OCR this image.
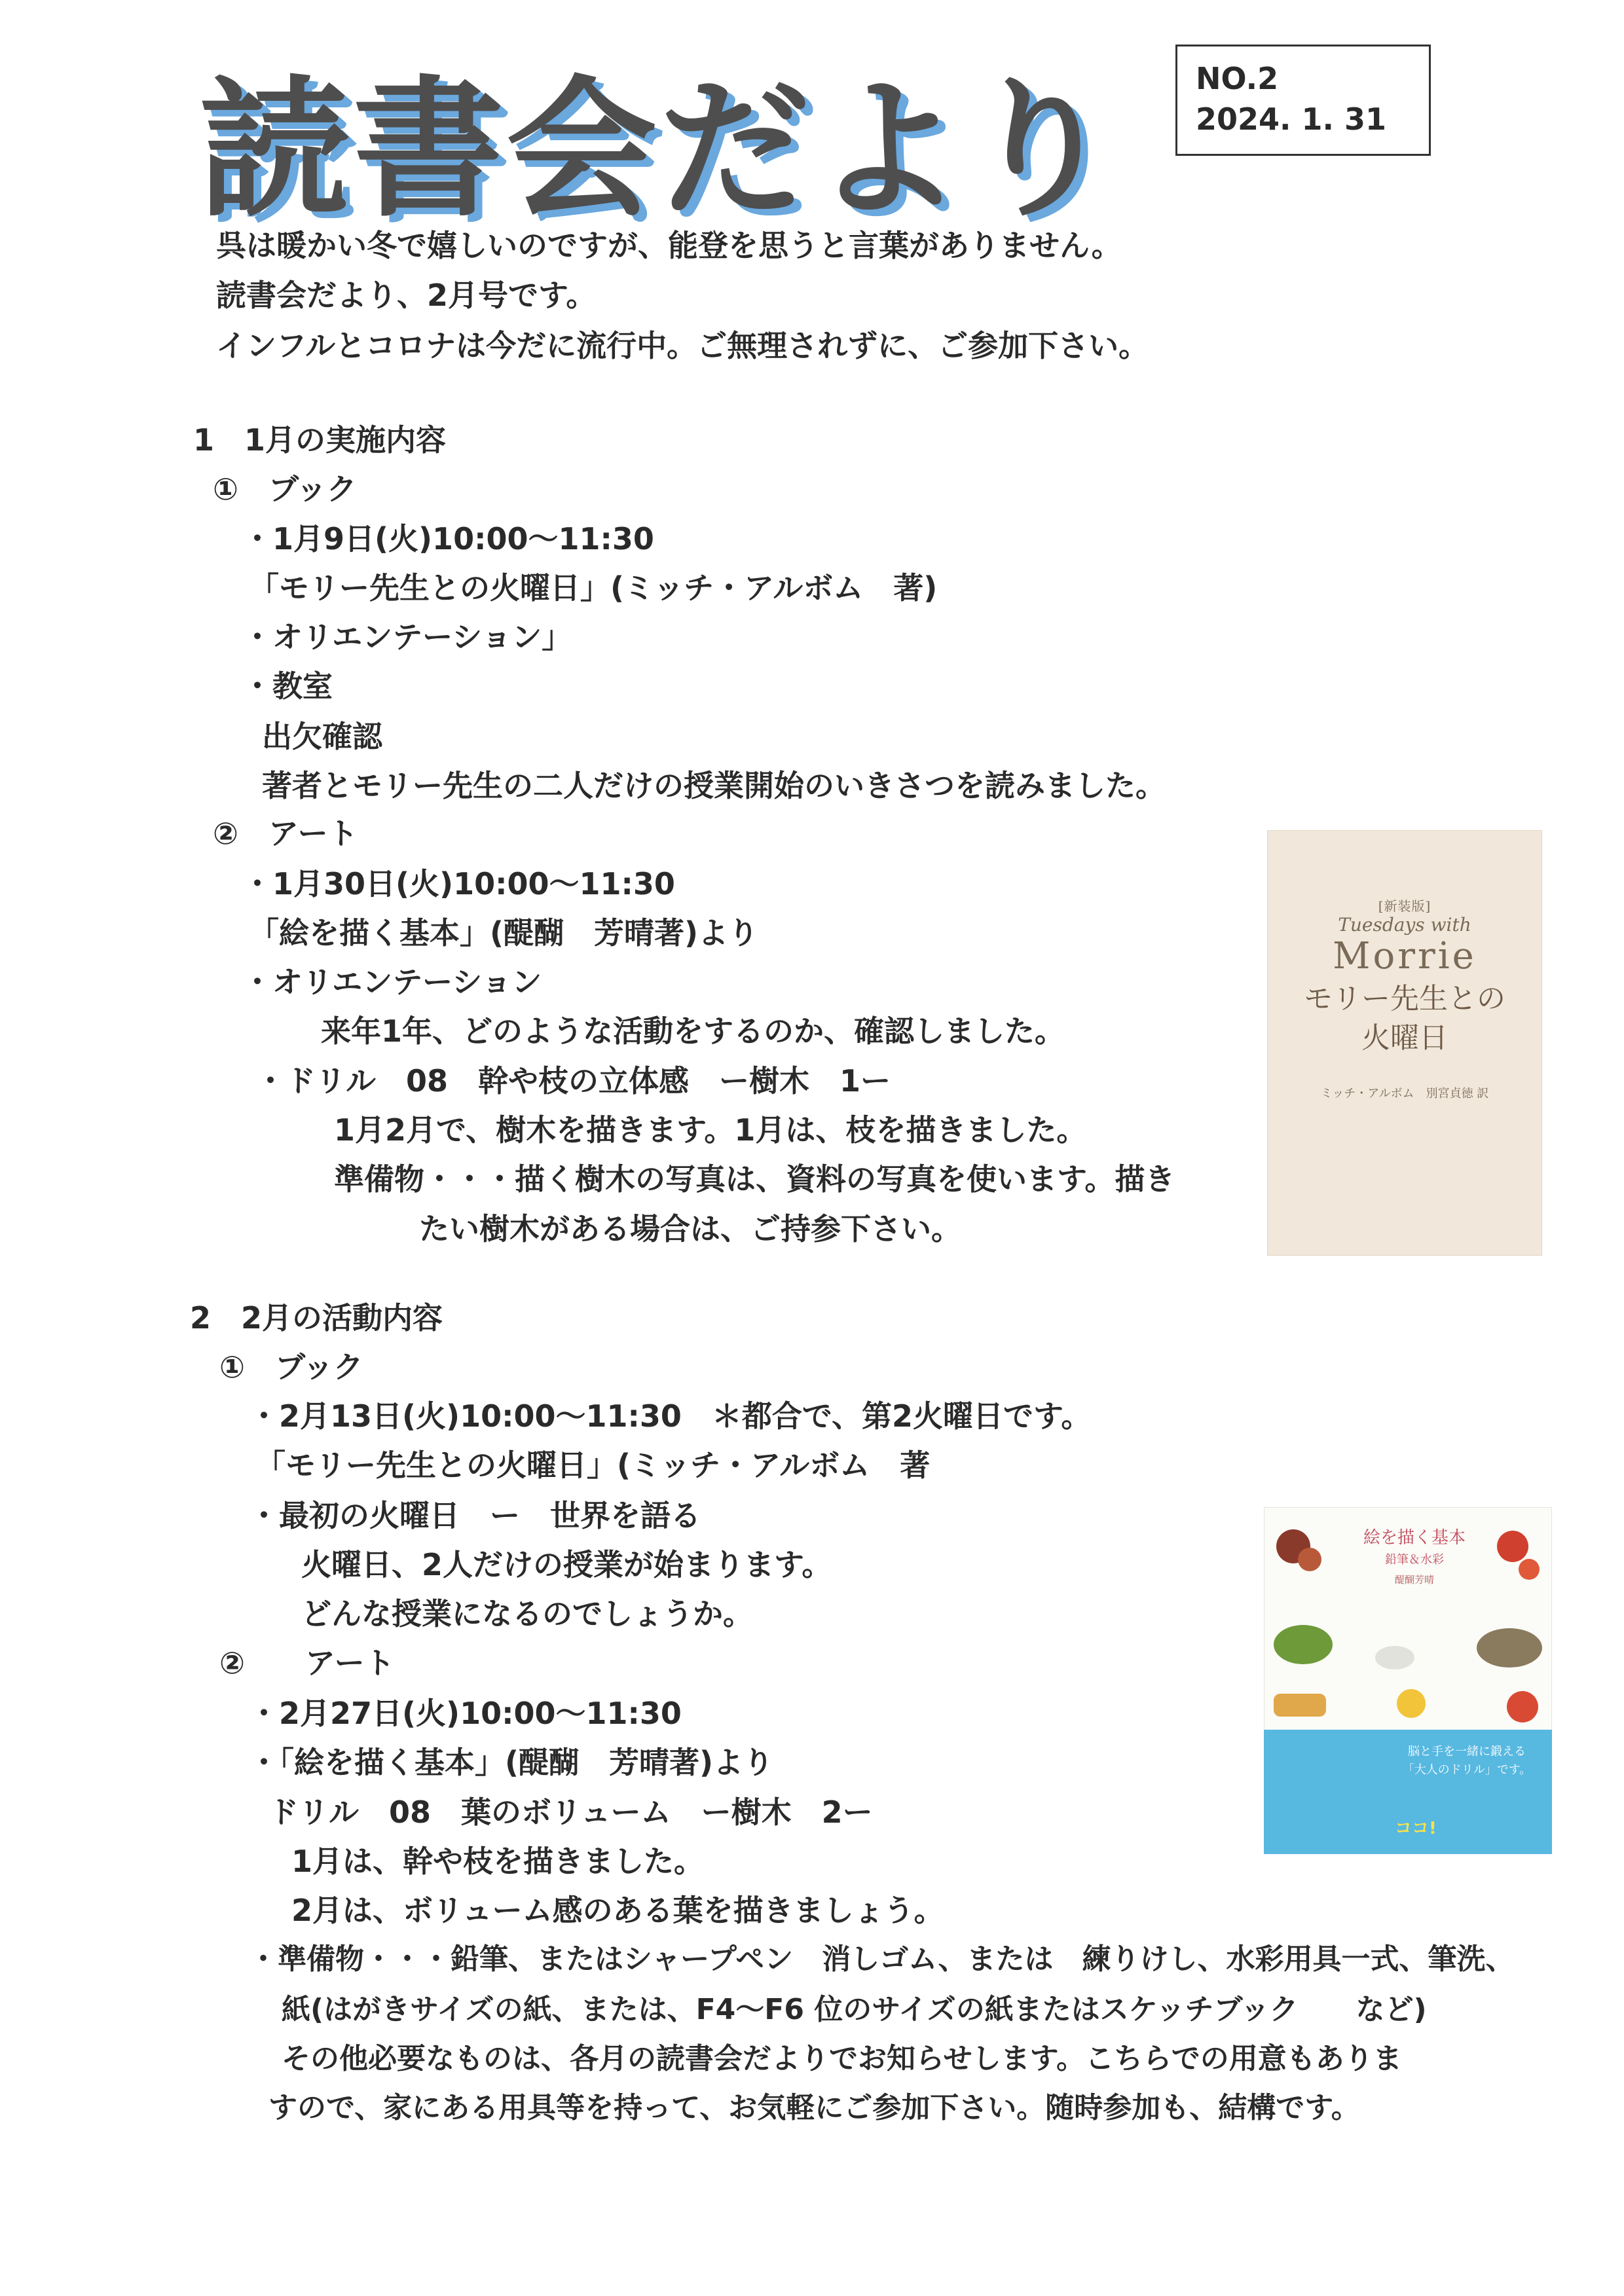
読書会だより	NO.2
2024. 1. 31
呉は暖かい冬で嬉しいのですが、能登を思うと言葉がありません。
読書会だより、2月号です。
インフルとコロナは今だに流行中。ご無理されずに、ご参加下さい。
1　1月の実施内容
①　ブック
・1月9日(火)10:00～11:30
「モリー先生との火曜日」(ミッチ・アルボム　著)
・オリエンテーション」
・教室
出欠確認
著者とモリー先生の二人だけの授業開始のいきさつを読みました。
②　アート
・1月30日(火)10:00～11:30
「絵を描く基本」(醍醐　芳晴著)より
・オリエンテーション
来年1年、どのような活動をするのか、確認しました。
・ドリル　08　幹や枝の立体感　ー樹木　1ー
1月2月で、樹木を描きます。1月は、枝を描きました。
準備物・・・描く樹木の写真は、資料の写真を使います。描き
たい樹木がある場合は、ご持参下さい。
[新装版]
Tuesdays with
Morrie
モリー先生との
火曜日
ミッチ・アルボム　別宮貞徳 訳
2　2月の活動内容
①　ブック
・2月13日(火)10:00～11:30　＊都合で、第2火曜日です。
「モリー先生との火曜日」(ミッチ・アルボム　著
・最初の火曜日　ー　世界を語る
火曜日、2人だけの授業が始まります。
どんな授業になるのでしょうか。
②　　アート
・2月27日(火)10:00～11:30
・「絵を描く基本」(醍醐　芳晴著)より
ドリル　08　葉のボリューム　ー樹木　2ー
1月は、幹や枝を描きました。
2月は、ボリューム感のある葉を描きましょう。
・準備物・・・鉛筆、またはシャープペン　消しゴム、または　練りけし、水彩用具一式、筆洗、
紙(はがきサイズの紙、または、F4～F6 位のサイズの紙またはスケッチブック　　など)
その他必要なものは、各月の読書会だよりでお知らせします。こちらでの用意もありま
すので、家にある用具等を持って、お気軽にご参加下さい。随時参加も、結構です。
絵を描く基本
鉛筆＆水彩
醍醐芳晴
脳と手を一緒に鍛える
「大人のドリル」です。
ココ!
